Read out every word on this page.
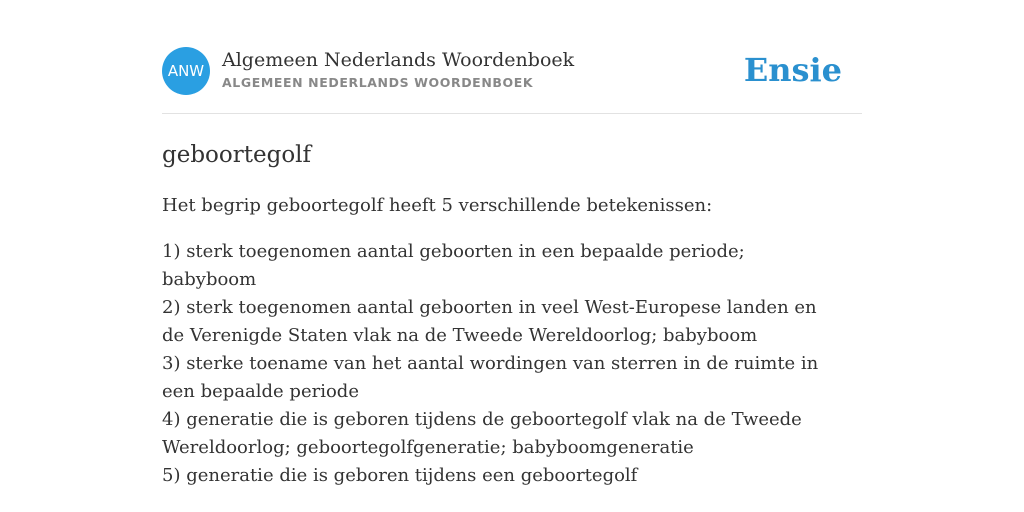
ANW Algemeen Nederlands Woordenboek
ALGEMEEN NEDERLANDS WOORDENBOEK	Ensie
geboortegolf

Het begrip geboortegolf heeft 5 verschillende betekenissen:

1) sterk toegenomen aantal geboorten in een bepaalde periode; babyboom
2) sterk toegenomen aantal geboorten in veel West-Europese landen en de Verenigde Staten vlak na de Tweede Wereldoorlog; babyboom
3) sterke toename van het aantal wordingen van sterren in de ruimte in een bepaalde periode
4) generatie die is geboren tijdens de geboortegolf vlak na de Tweede Wereldoorlog; geboortegolfgeneratie; babyboomgeneratie
5) generatie die is geboren tijdens een geboortegolf
